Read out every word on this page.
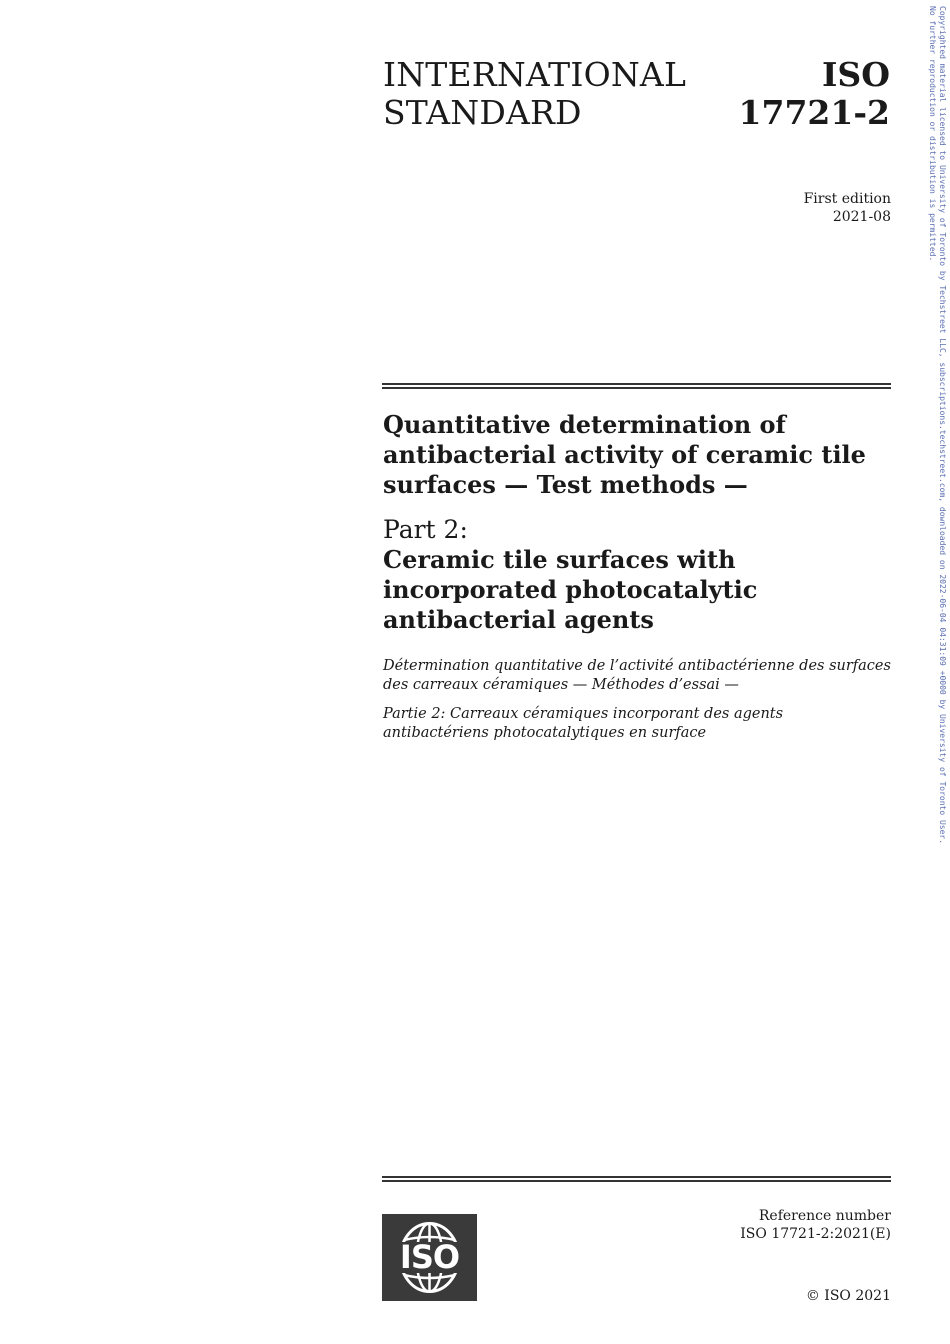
INTERNATIONAL
STANDARD
ISO
17721-2
First edition
2021-08
Quantitative determination of antibacterial activity of ceramic tile surfaces — Test methods —
Part 2:
Ceramic tile surfaces with incorporated photocatalytic antibacterial agents
Détermination quantitative de l’activité antibactérienne des surfaces des carreaux céramiques — Méthodes d’essai —
Partie 2: Carreaux céramiques incorporant des agents antibactériens photocatalytiques en surface
ISO
Reference number
ISO 17721-2:2021(E)
© ISO 2021
Copyrighted material licensed to University of Toronto by Techstreet LLC, subscriptions.techstreet.com, downloaded on 2022-06-04 04:31:09 +0000 by University of Toronto User.
No further reproduction or distribution is permitted.
